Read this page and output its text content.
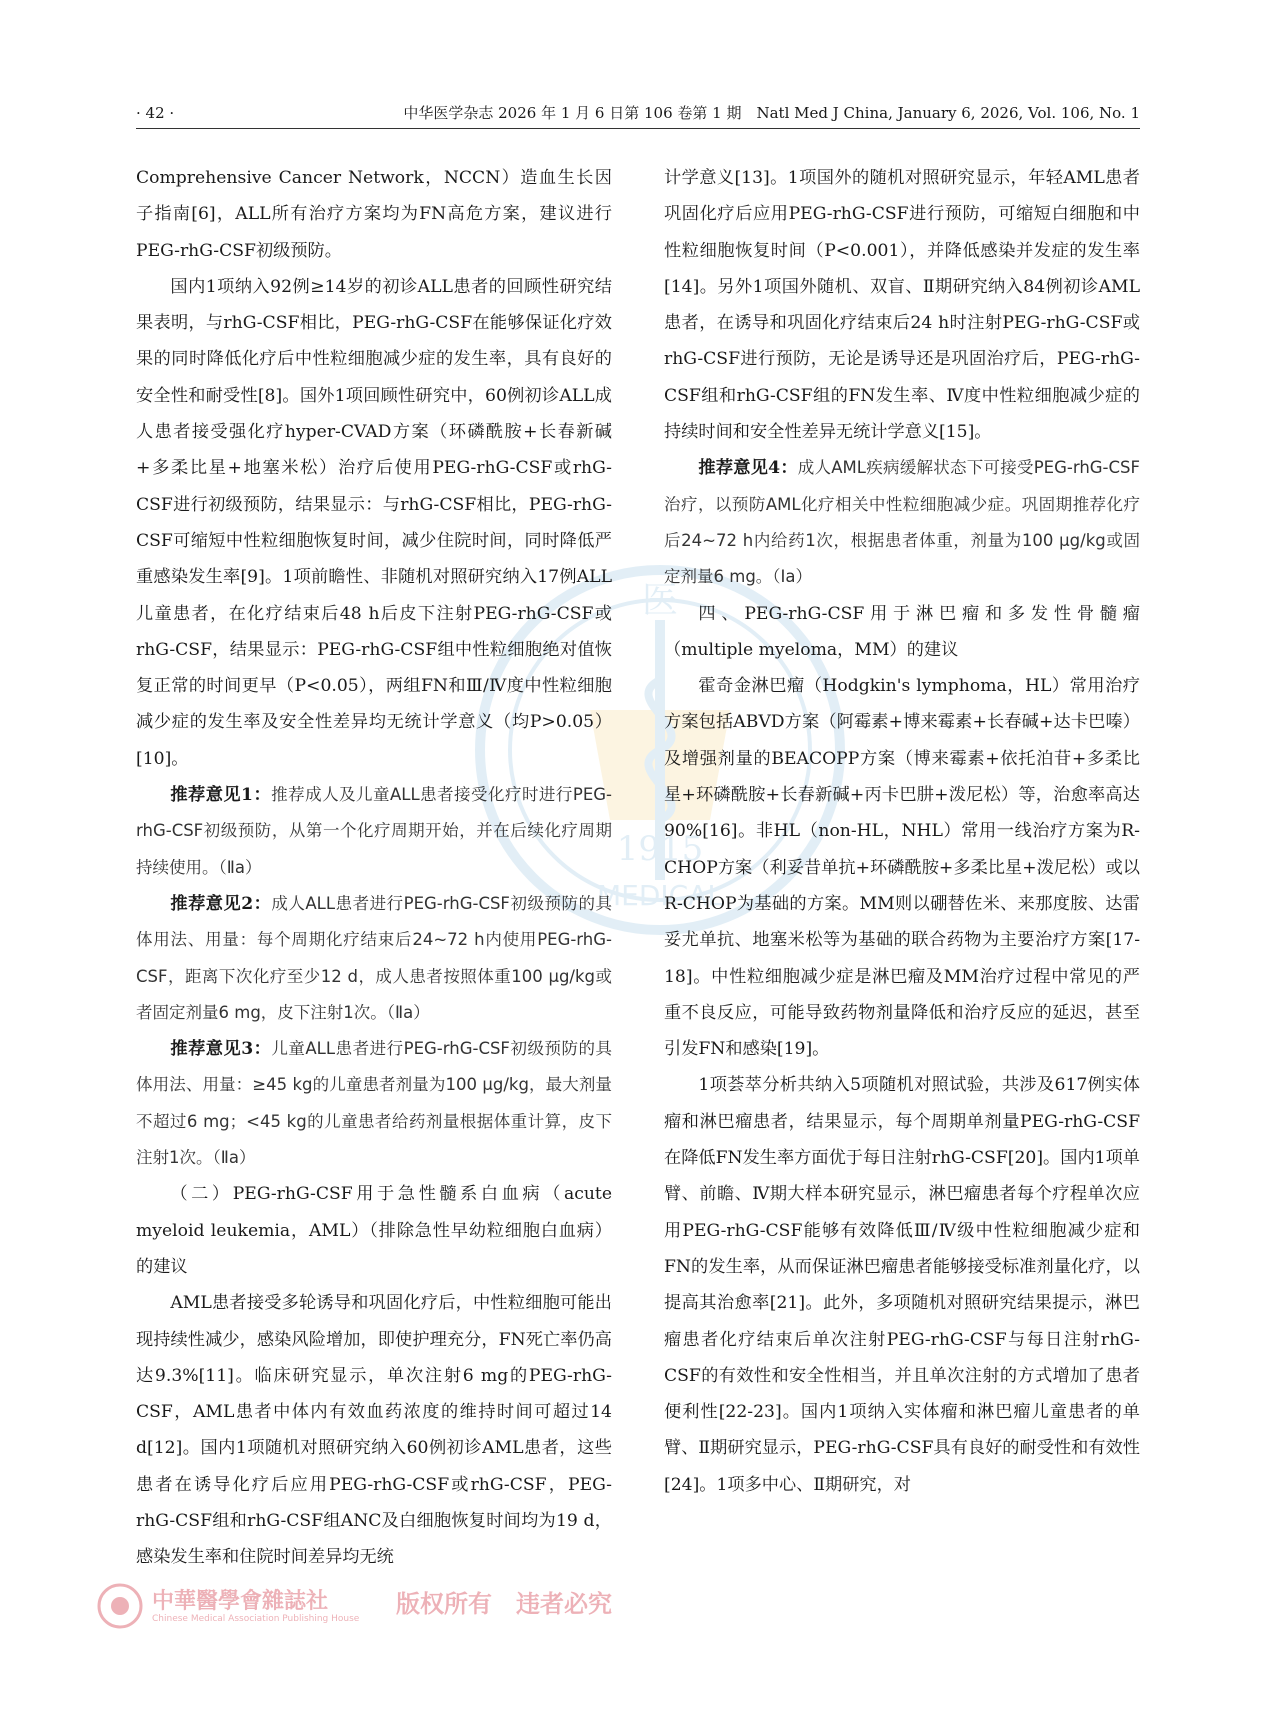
· 42 ·	中华医学杂志 2026 年 1 月 6 日第 106 卷第 1 期　Natl Med J China, January 6, 2026, Vol. 106, No. 1
医
1915
MEDICAL

Comprehensive Cancer Network，NCCN）造血生长因子指南[6]，ALL所有治疗方案均为FN高危方案，建议进行PEG-rhG-CSF初级预防。

国内1项纳入92例≥14岁的初诊ALL患者的回顾性研究结果表明，与rhG-CSF相比，PEG-rhG-CSF在能够保证化疗效果的同时降低化疗后中性粒细胞减少症的发生率，具有良好的安全性和耐受性[8]。国外1项回顾性研究中，60例初诊ALL成人患者接受强化疗hyper-CVAD方案（环磷酰胺+长春新碱+多柔比星+地塞米松）治疗后使用PEG-rhG-CSF或rhG-CSF进行初级预防，结果显示：与rhG-CSF相比，PEG-rhG-CSF可缩短中性粒细胞恢复时间，减少住院时间，同时降低严重感染发生率[9]。1项前瞻性、非随机对照研究纳入17例ALL儿童患者，在化疗结束后48 h后皮下注射PEG-rhG-CSF或rhG-CSF，结果显示：PEG-rhG-CSF组中性粒细胞绝对值恢复正常的时间更早（P<0.05），两组FN和Ⅲ/Ⅳ度中性粒细胞减少症的发生率及安全性差异均无统计学意义（均P>0.05）[10]。

推荐意见1：推荐成人及儿童ALL患者接受化疗时进行PEG-rhG-CSF初级预防，从第一个化疗周期开始，并在后续化疗周期持续使用。（Ⅱa）

推荐意见2：成人ALL患者进行PEG-rhG-CSF初级预防的具体用法、用量：每个周期化疗结束后24~72 h内使用PEG-rhG-CSF，距离下次化疗至少12 d，成人患者按照体重100 μg/kg或者固定剂量6 mg，皮下注射1次。（Ⅱa）

推荐意见3：儿童ALL患者进行PEG-rhG-CSF初级预防的具体用法、用量：≥45 kg的儿童患者剂量为100 μg/kg，最大剂量不超过6 mg；<45 kg的儿童患者给药剂量根据体重计算，皮下注射1次。（Ⅱa）

（二）PEG-rhG-CSF用于急性髓系白血病（acute myeloid leukemia，AML）（排除急性早幼粒细胞白血病）的建议

AML患者接受多轮诱导和巩固化疗后，中性粒细胞可能出现持续性减少，感染风险增加，即使护理充分，FN死亡率仍高达9.3%[11]。临床研究显示，单次注射6 mg的PEG-rhG-CSF，AML患者中体内有效血药浓度的维持时间可超过14 d[12]。国内1项随机对照研究纳入60例初诊AML患者，这些患者在诱导化疗后应用PEG-rhG-CSF或rhG-CSF，PEG-rhG-CSF组和rhG-CSF组ANC及白细胞恢复时间均为19 d，感染发生率和住院时间差异均无统

计学意义[13]。1项国外的随机对照研究显示，年轻AML患者巩固化疗后应用PEG-rhG-CSF进行预防，可缩短白细胞和中性粒细胞恢复时间（P<0.001），并降低感染并发症的发生率[14]。另外1项国外随机、双盲、Ⅱ期研究纳入84例初诊AML患者，在诱导和巩固化疗结束后24 h时注射PEG-rhG-CSF或rhG-CSF进行预防，无论是诱导还是巩固治疗后，PEG-rhG-CSF组和rhG-CSF组的FN发生率、Ⅳ度中性粒细胞减少症的持续时间和安全性差异无统计学意义[15]。

推荐意见4：成人AML疾病缓解状态下可接受PEG-rhG-CSF治疗，以预防AML化疗相关中性粒细胞减少症。巩固期推荐化疗后24~72 h内给药1次，根据患者体重，剂量为100 μg/kg或固定剂量6 mg。（Ⅰa）

四、PEG-rhG-CSF用于淋巴瘤和多发性骨髓瘤（multiple myeloma，MM）的建议

霍奇金淋巴瘤（Hodgkin's lymphoma，HL）常用治疗方案包括ABVD方案（阿霉素+博来霉素+长春碱+达卡巴嗪）及增强剂量的BEACOPP方案（博来霉素+依托泊苷+多柔比星+环磷酰胺+长春新碱+丙卡巴肼+泼尼松）等，治愈率高达90%[16]。非HL（non-HL，NHL）常用一线治疗方案为R-CHOP方案（利妥昔单抗+环磷酰胺+多柔比星+泼尼松）或以R-CHOP为基础的方案。MM则以硼替佐米、来那度胺、达雷妥尤单抗、地塞米松等为基础的联合药物为主要治疗方案[17-18]。中性粒细胞减少症是淋巴瘤及MM治疗过程中常见的严重不良反应，可能导致药物剂量降低和治疗反应的延迟，甚至引发FN和感染[19]。

1项荟萃分析共纳入5项随机对照试验，共涉及617例实体瘤和淋巴瘤患者，结果显示，每个周期单剂量PEG-rhG-CSF在降低FN发生率方面优于每日注射rhG-CSF[20]。国内1项单臂、前瞻、Ⅳ期大样本研究显示，淋巴瘤患者每个疗程单次应用PEG-rhG-CSF能够有效降低Ⅲ/Ⅳ级中性粒细胞减少症和FN的发生率，从而保证淋巴瘤患者能够接受标准剂量化疗，以提高其治愈率[21]。此外，多项随机对照研究结果提示，淋巴瘤患者化疗结束后单次注射PEG-rhG-CSF与每日注射rhG-CSF的有效性和安全性相当，并且单次注射的方式增加了患者便利性[22-23]。国内1项纳入实体瘤和淋巴瘤儿童患者的单臂、Ⅱ期研究显示，PEG-rhG-CSF具有良好的耐受性和有效性[24]。1项多中心、Ⅱ期研究，对

中華醫學會雜誌社
Chinese Medical Association Publishing House
版权所有　违者必究
